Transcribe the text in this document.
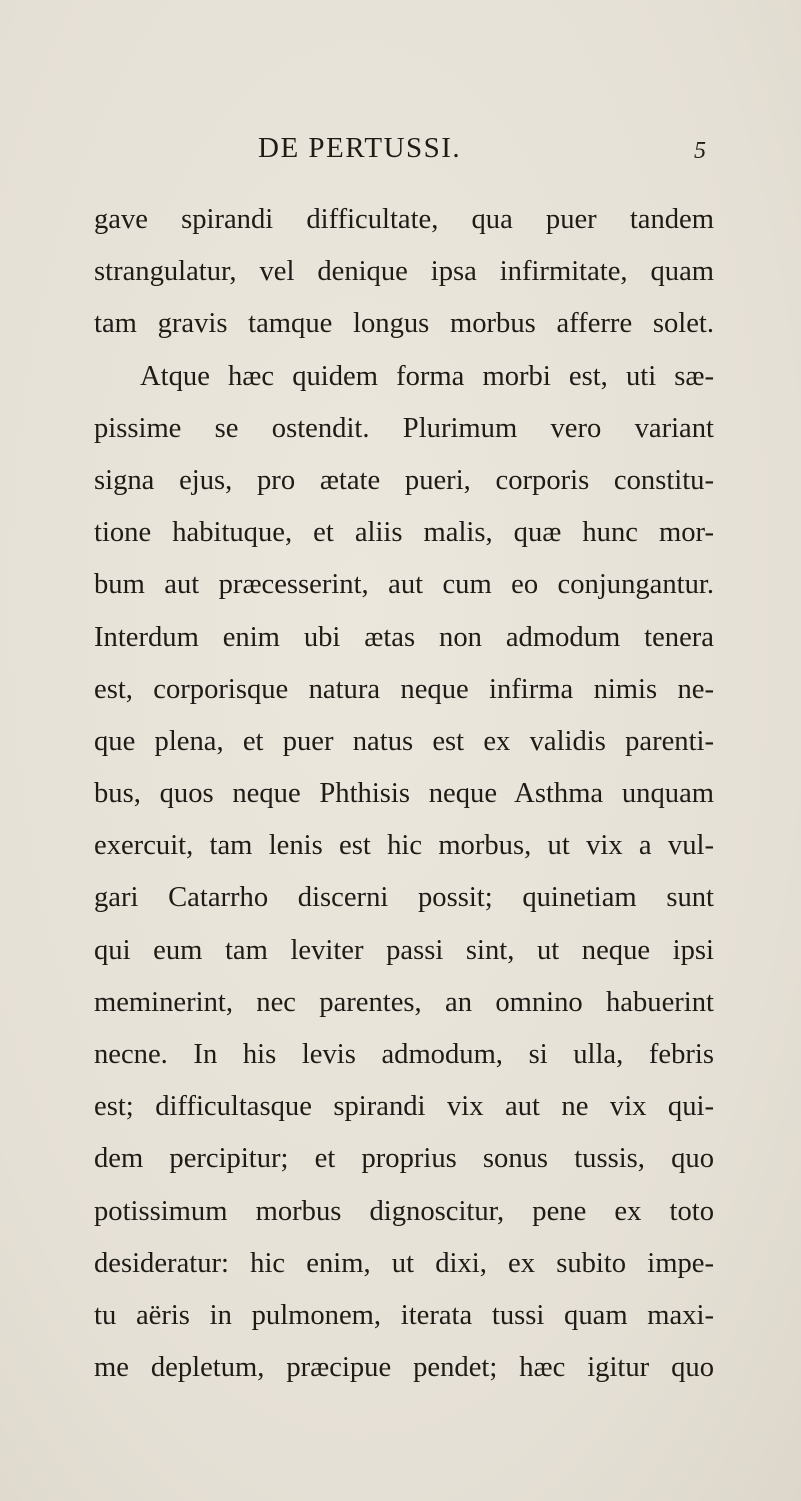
DE PERTUSSI.	5
gave spirandi difficultate, qua puer tandem
strangulatur, vel denique ipsa infirmitate, quam
tam gravis tamque longus morbus afferre solet.
Atque hæc quidem forma morbi est, uti sæ-
pissime se ostendit. Plurimum vero variant
signa ejus, pro ætate pueri, corporis constitu-
tione habituque, et aliis malis, quæ hunc mor-
bum aut præcesserint, aut cum eo conjungantur.
Interdum enim ubi ætas non admodum tenera
est, corporisque natura neque infirma nimis ne-
que plena, et puer natus est ex validis parenti-
bus, quos neque Phthisis neque Asthma unquam
exercuit, tam lenis est hic morbus, ut vix a vul-
gari Catarrho discerni possit; quinetiam sunt
qui eum tam leviter passi sint, ut neque ipsi
meminerint, nec parentes, an omnino habuerint
necne. In his levis admodum, si ulla, febris
est; difficultasque spirandi vix aut ne vix qui-
dem percipitur; et proprius sonus tussis, quo
potissimum morbus dignoscitur, pene ex toto
desideratur: hic enim, ut dixi, ex subito impe-
tu aëris in pulmonem, iterata tussi quam maxi-
me depletum, præcipue pendet; hæc igitur quo
